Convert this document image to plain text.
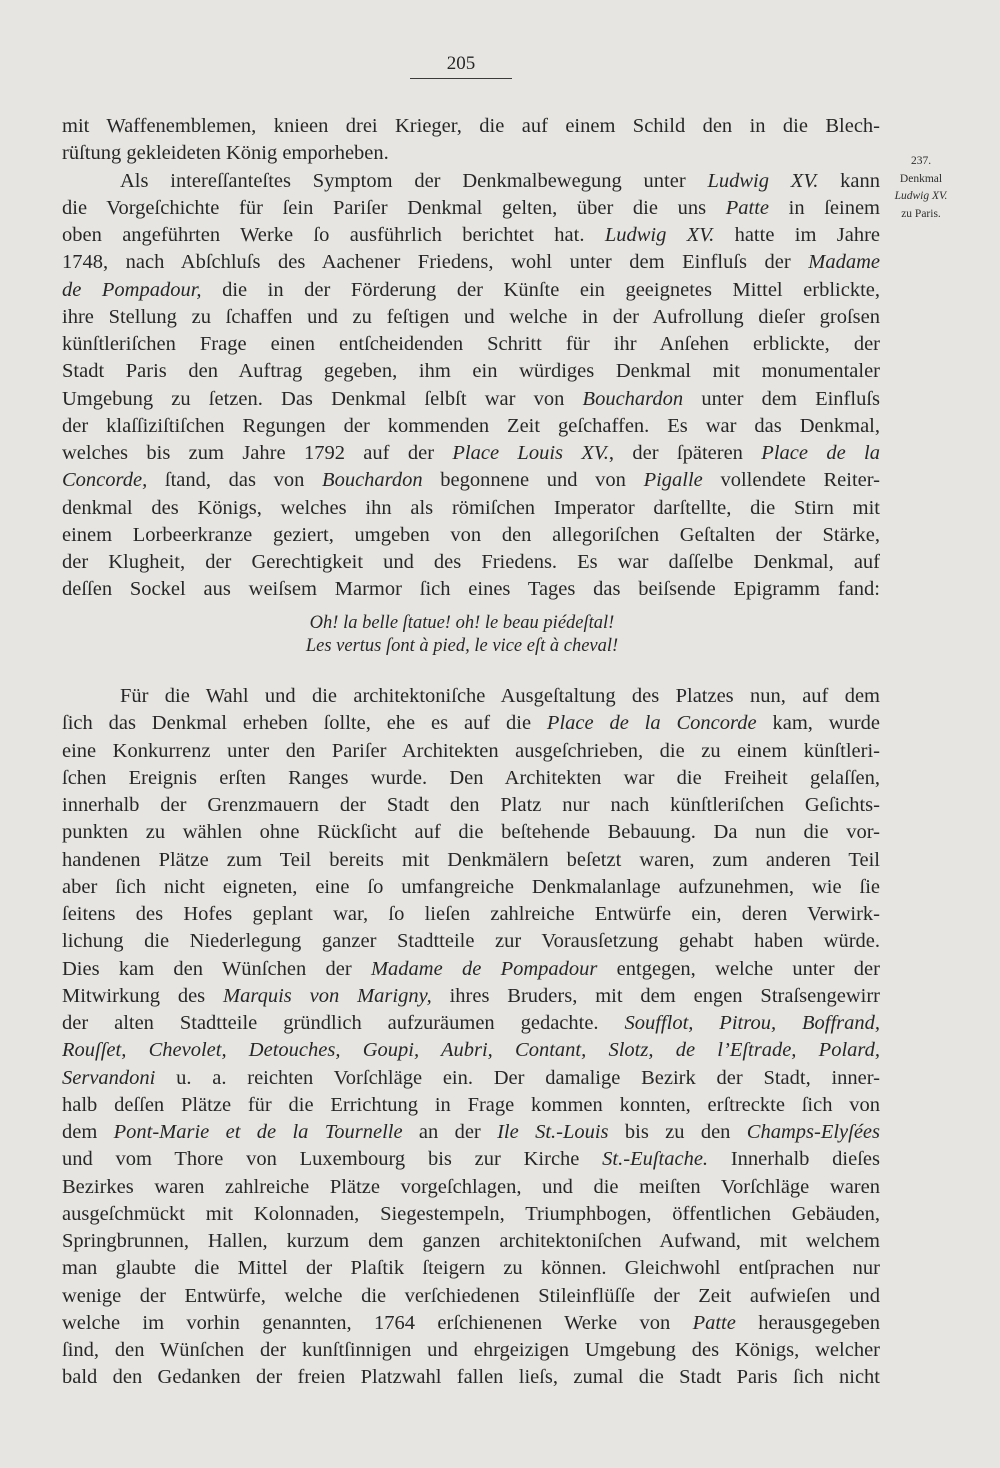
205
237.
Denkmal
Ludwig XV.
zu Paris.
mit Waffenemblemen, knieen drei Krieger, die auf einem Schild den in die Blech-
rüſtung gekleideten König emporheben.
Als intereſſanteſtes Symptom der Denkmalbewegung unter Ludwig XV. kann
die Vorgeſchichte für ſein Pariſer Denkmal gelten, über die uns Patte in ſeinem
oben angeführten Werke ſo ausführlich berichtet hat. Ludwig XV. hatte im Jahre
1748, nach Abſchluſs des Aachener Friedens, wohl unter dem Einfluſs der Madame
de Pompadour, die in der Förderung der Künſte ein geeignetes Mittel erblickte,
ihre Stellung zu ſchaffen und zu feſtigen und welche in der Aufrollung dieſer groſsen
künſtleriſchen Frage einen entſcheidenden Schritt für ihr Anſehen erblickte, der
Stadt Paris den Auftrag gegeben, ihm ein würdiges Denkmal mit monumentaler
Umgebung zu ſetzen. Das Denkmal ſelbſt war von Bouchardon unter dem Einfluſs
der klaſſiziſtiſchen Regungen der kommenden Zeit geſchaffen. Es war das Denkmal,
welches bis zum Jahre 1792 auf der Place Louis XV., der ſpäteren Place de la
Concorde, ſtand, das von Bouchardon begonnene und von Pigalle vollendete Reiter-
denkmal des Königs, welches ihn als römiſchen Imperator darſtellte, die Stirn mit
einem Lorbeerkranze geziert, umgeben von den allegoriſchen Geſtalten der Stärke,
der Klugheit, der Gerechtigkeit und des Friedens. Es war daſſelbe Denkmal, auf
deſſen Sockel aus weiſsem Marmor ſich eines Tages das beiſsende Epigramm fand:
Oh! la belle ſtatue! oh! le beau piédeſtal!
Les vertus ſont à pied, le vice eſt à cheval!
Für die Wahl und die architektoniſche Ausgeſtaltung des Platzes nun, auf dem
ſich das Denkmal erheben ſollte, ehe es auf die Place de la Concorde kam, wurde
eine Konkurrenz unter den Pariſer Architekten ausgeſchrieben, die zu einem künſtleri-
ſchen Ereignis erſten Ranges wurde. Den Architekten war die Freiheit gelaſſen,
innerhalb der Grenzmauern der Stadt den Platz nur nach künſtleriſchen Geſichts-
punkten zu wählen ohne Rückſicht auf die beſtehende Bebauung. Da nun die vor-
handenen Plätze zum Teil bereits mit Denkmälern beſetzt waren, zum anderen Teil
aber ſich nicht eigneten, eine ſo umfangreiche Denkmalanlage aufzunehmen, wie ſie
ſeitens des Hofes geplant war, ſo lieſen zahlreiche Entwürfe ein, deren Verwirk-
lichung die Niederlegung ganzer Stadtteile zur Vorausſetzung gehabt haben würde.
Dies kam den Wünſchen der Madame de Pompadour entgegen, welche unter der
Mitwirkung des Marquis von Marigny, ihres Bruders, mit dem engen Straſsengewirr
der alten Stadtteile gründlich aufzuräumen gedachte. Soufflot, Pitrou, Boffrand,
Rouſſet, Chevolet, Detouches, Goupi, Aubri, Contant, Slotz, de l’Eſtrade, Polard,
Servandoni u. a. reichten Vorſchläge ein. Der damalige Bezirk der Stadt, inner-
halb deſſen Plätze für die Errichtung in Frage kommen konnten, erſtreckte ſich von
dem Pont-Marie et de la Tournelle an der Ile St.-Louis bis zu den Champs-Elyſées
und vom Thore von Luxembourg bis zur Kirche St.-Euſtache. Innerhalb dieſes
Bezirkes waren zahlreiche Plätze vorgeſchlagen, und die meiſten Vorſchläge waren
ausgeſchmückt mit Kolonnaden, Siegestempeln, Triumphbogen, öffentlichen Gebäuden,
Springbrunnen, Hallen, kurzum dem ganzen architektoniſchen Aufwand, mit welchem
man glaubte die Mittel der Plaſtik ſteigern zu können. Gleichwohl entſprachen nur
wenige der Entwürfe, welche die verſchiedenen Stileinflüſſe der Zeit aufwieſen und
welche im vorhin genannten, 1764 erſchienenen Werke von Patte herausgegeben
ſind, den Wünſchen der kunſtſinnigen und ehrgeizigen Umgebung des Königs, welcher
bald den Gedanken der freien Platzwahl fallen lieſs, zumal die Stadt Paris ſich nicht
